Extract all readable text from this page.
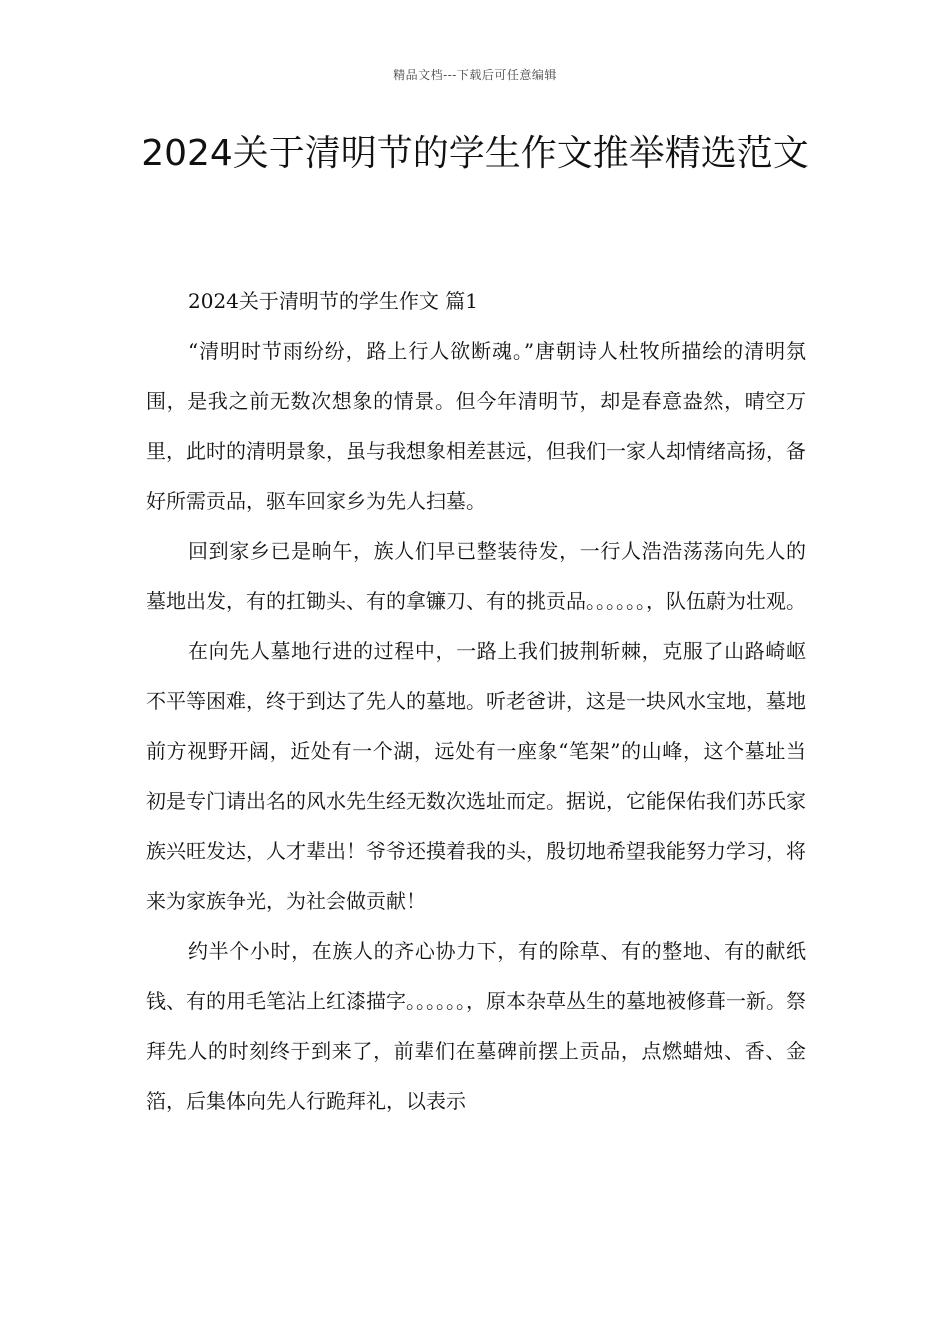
精品文档---下载后可任意编辑
2024关于清明节的学生作文推举精选范文

2024关于清明节的学生作文 篇1

“清明时节雨纷纷，路上行人欲断魂。”唐朝诗人杜牧所描绘的清明氛围，是我之前无数次想象的情景。但今年清明节，却是春意盎然，晴空万里，此时的清明景象，虽与我想象相差甚远，但我们一家人却情绪高扬，备好所需贡品，驱车回家乡为先人扫墓。

回到家乡已是晌午，族人们早已整装待发，一行人浩浩荡荡向先人的墓地出发，有的扛锄头、有的拿镰刀、有的挑贡品。。。。。。，队伍蔚为壮观。

在向先人墓地行进的过程中，一路上我们披荆斩棘，克服了山路崎岖不平等困难，终于到达了先人的墓地。听老爸讲，这是一块风水宝地，墓地前方视野开阔，近处有一个湖，远处有一座象“笔架”的山峰，这个墓址当初是专门请出名的风水先生经无数次选址而定。据说，它能保佑我们苏氏家族兴旺发达，人才辈出！爷爷还摸着我的头，殷切地希望我能努力学习，将来为家族争光，为社会做贡献！

约半个小时，在族人的齐心协力下，有的除草、有的整地、有的献纸钱、有的用毛笔沾上红漆描字。。。。。。，原本杂草丛生的墓地被修葺一新。祭拜先人的时刻终于到来了，前辈们在墓碑前摆上贡品，点燃蜡烛、香、金箔，后集体向先人行跪拜礼，以表示
